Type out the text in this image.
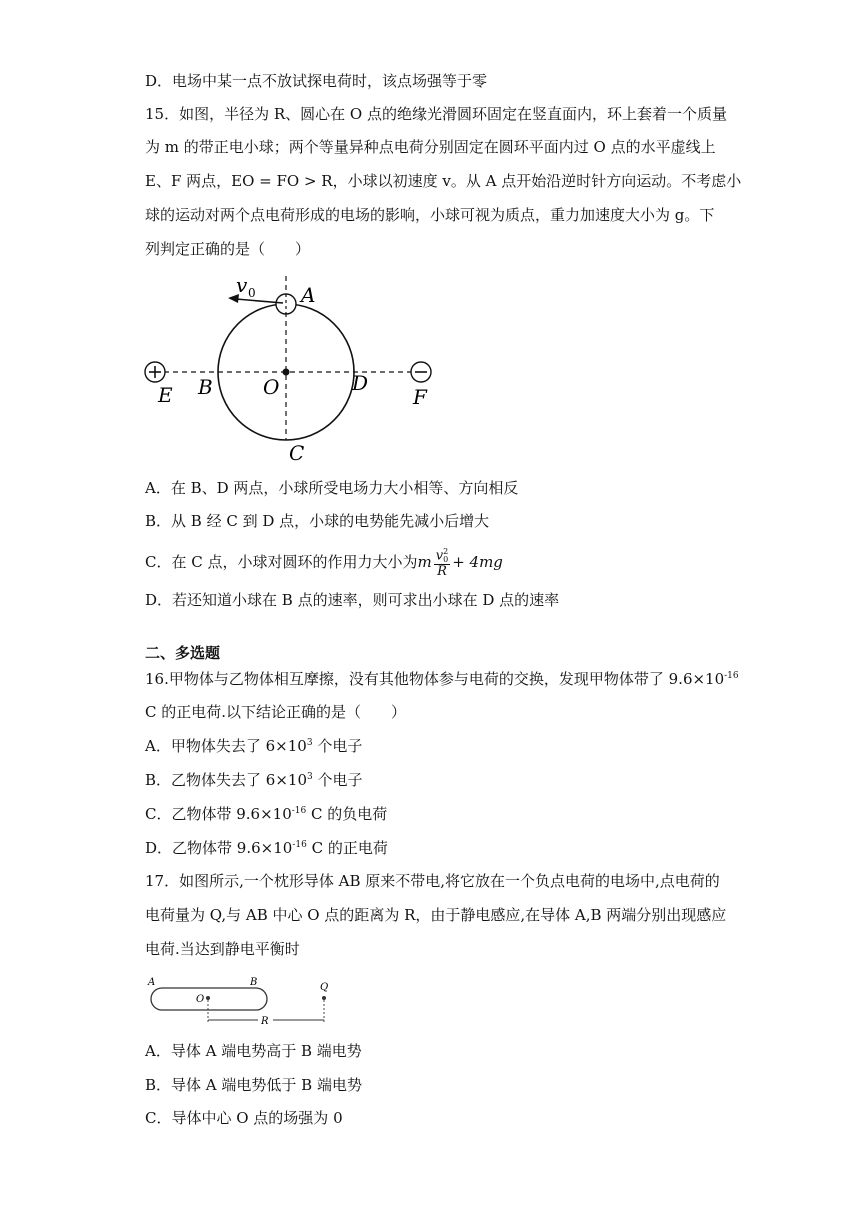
D．电场中某一点不放试探电荷时，该点场强等于零
15．如图，半径为 R、圆心在 O 点的绝缘光滑圆环固定在竖直面内，环上套着一个质量
为 m 的带正电小球；两个等量异种点电荷分别固定在圆环平面内过 O 点的水平虚线上
E、F 两点，EO = FO > R，小球以初速度 v。从 A 点开始沿逆时针方向运动。不考虑小
球的运动对两个点电荷形成的电场的影响，小球可视为质点，重力加速度大小为 g。下
列判定正确的是（　　）
v 0 A
B	O	D
E	F
C
A．在 B、D 两点，小球所受电场力大小相等、方向相反
B．从 B 经 C 到 D 点，小球的电势能先减小后增大
C．在 C 点，小球对圆环的作用力大小为m v 2
0
R + 4mg
D．若还知道小球在 B 点的速率，则可求出小球在 D 点的速率
二、多选题
16.甲物体与乙物体相互摩擦，没有其他物体参与电荷的交换，发现甲物体带了 $9.6\times 10^{-16}$
C 的正电荷.以下结论正确的是（　　）
A．甲物体失去了 $6\times 10^3$ 个电子
B．乙物体失去了 $6\times 10^3$ 个电子
C．乙物体带 $9.6\times 10^{-16}$ C 的负电荷
D．乙物体带 $9.6\times 10^{-16}$ C 的正电荷
17．如图所示,一个枕形导体 AB 原来不带电,将它放在一个负点电荷的电场中,点电荷的
电荷量为 Q,与 AB 中心 O 点的距离为 R，由于静电感应,在导体 A,B 两端分别出现感应
电荷.当达到静电平衡时
A	B
O
Q
R
A．导体 A 端电势高于 B 端电势
B．导体 A 端电势低于 B 端电势
C．导体中心 O 点的场强为 0
